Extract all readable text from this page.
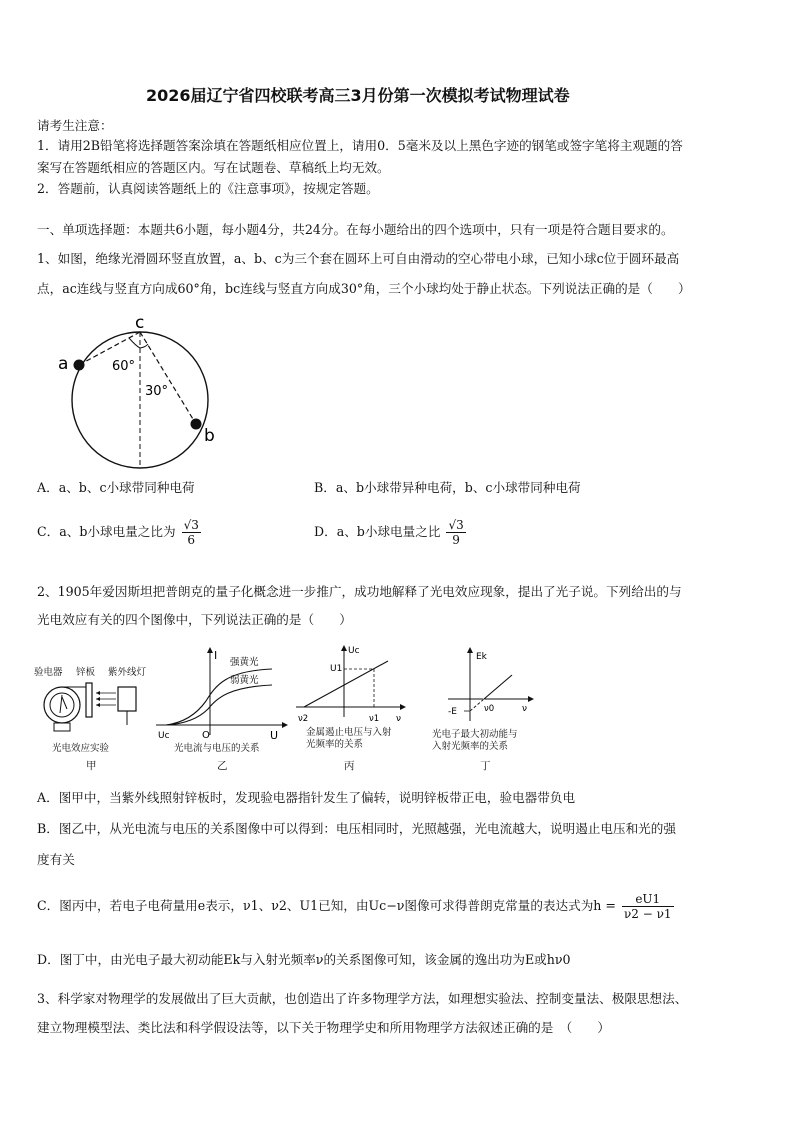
2026届辽宁省四校联考高三3月份第一次模拟考试物理试卷
请考生注意：
1．请用2B铅笔将选择题答案涂填在答题纸相应位置上，请用0．5毫米及以上黑色字迹的钢笔或签字笔将主观题的答
案写在答题纸相应的答题区内。写在试题卷、草稿纸上均无效。
2．答题前，认真阅读答题纸上的《注意事项》，按规定答题。
一、单项选择题：本题共6小题，每小题4分，共24分。在每小题给出的四个选项中，只有一项是符合题目要求的。
1、如图，绝缘光滑圆环竖直放置，a、b、c为三个套在圆环上可自由滑动的空心带电小球，已知小球c位于圆环最高
点，ac连线与竖直方向成60°角，bc连线与竖直方向成30°角，三个小球均处于静止状态。下列说法正确的是（　　）
c
a
b
60°
30°
A．a、b、c小球带同种电荷	B．a、b小球带异种电荷，b、c小球带同种电荷
C．a、b小球电量之比为 $\frac{√3}{6}$	D．a、b小球电量之比 $\frac{√3}{9}$
2、1905年爱因斯坦把普朗克的量子化概念进一步推广，成功地解释了光电效应现象，提出了光子说。下列给出的与
光电效应有关的四个图像中，下列说法正确的是（　　）
验电器 锌板 紫外线灯
光电效应实验
甲
I
U
O
Uc
强黄光
弱黄光
光电流与电压的关系
乙
Uc
U1
ν2	ν1 ν
金属遏止电压与入射
光频率的关系
丙
Ek
-E	ν0	ν
光电子最大初动能与
入射光频率的关系
丁
A．图甲中，当紫外线照射锌板时，发现验电器指针发生了偏转，说明锌板带正电，验电器带负电
B．图乙中，从光电流与电压的关系图像中可以得到：电压相同时，光照越强，光电流越大，说明遏止电压和光的强
度有关
C．图丙中，若电子电荷量用e表示，ν1、ν2、U1已知，由Uc−ν图像可求得普朗克常量的表达式为$h = \frac{eU1}{\nu 2 - \nu 1}$
D．图丁中，由光电子最大初动能Ek与入射光频率ν的关系图像可知，该金属的逸出功为E或hν0
3、科学家对物理学的发展做出了巨大贡献，也创造出了许多物理学方法，如理想实验法、控制变量法、极限思想法、
建立物理模型法、类比法和科学假设法等，以下关于物理学史和所用物理学方法叙述正确的是　（　　）
